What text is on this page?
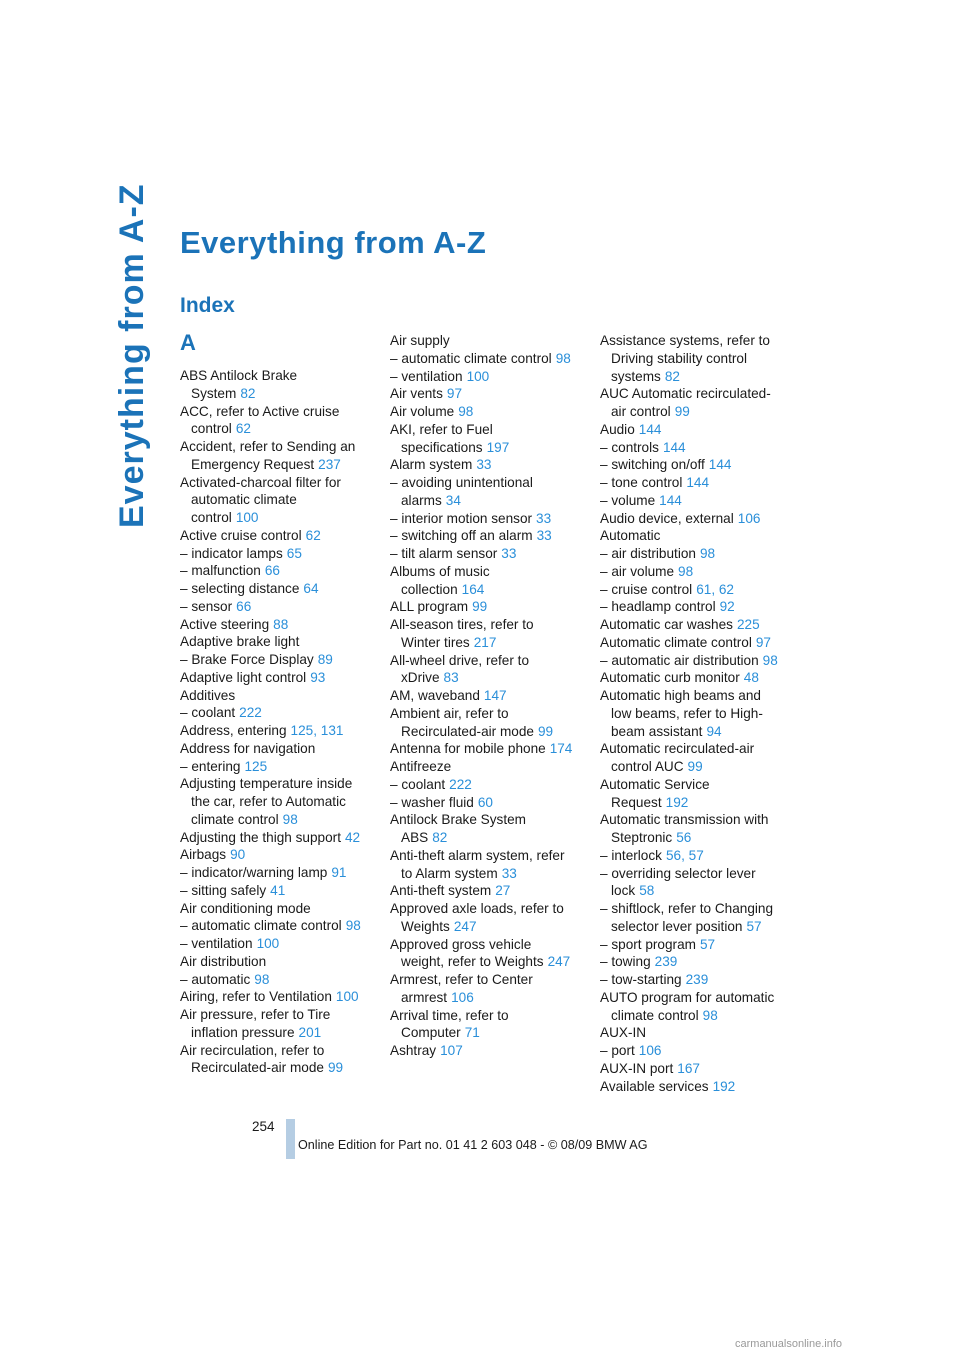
Everything from A-Z Everything from A-Z
Index
A
ABS Antilock Brake
System 82
ACC, refer to Active cruise
control 62
Accident, refer to Sending an
Emergency Request 237
Activated-charcoal filter for
automatic climate
control 100
Active cruise control 62
– indicator lamps 65
– malfunction 66
– selecting distance 64
– sensor 66
Active steering 88
Adaptive brake light
– Brake Force Display 89
Adaptive light control 93
Additives
– coolant 222
Address, entering 125, 131
Address for navigation
– entering 125
Adjusting temperature inside
the car, refer to Automatic
climate control 98
Adjusting the thigh support 42
Airbags 90
– indicator/warning lamp 91
– sitting safely 41
Air conditioning mode
– automatic climate control 98
– ventilation 100
Air distribution
– automatic 98
Airing, refer to Ventilation 100
Air pressure, refer to Tire
inflation pressure 201
Air recirculation, refer to
Recirculated-air mode 99
Air supply
– automatic climate control 98
– ventilation 100
Air vents 97
Air volume 98
AKI, refer to Fuel
specifications 197
Alarm system 33
– avoiding unintentional
alarms 34
– interior motion sensor 33
– switching off an alarm 33
– tilt alarm sensor 33
Albums of music
collection 164
ALL program 99
All-season tires, refer to
Winter tires 217
All-wheel drive, refer to
xDrive 83
AM, waveband 147
Ambient air, refer to
Recirculated-air mode 99
Antenna for mobile phone 174
Antifreeze
– coolant 222
– washer fluid 60
Antilock Brake System
ABS 82
Anti-theft alarm system, refer
to Alarm system 33
Anti-theft system 27
Approved axle loads, refer to
Weights 247
Approved gross vehicle
weight, refer to Weights 247
Armrest, refer to Center
armrest 106
Arrival time, refer to
Computer 71
Ashtray 107
Assistance systems, refer to
Driving stability control
systems 82
AUC Automatic recirculated-
air control 99
Audio 144
– controls 144
– switching on/off 144
– tone control 144
– volume 144
Audio device, external 106
Automatic
– air distribution 98
– air volume 98
– cruise control 61, 62
– headlamp control 92
Automatic car washes 225
Automatic climate control 97
– automatic air distribution 98
Automatic curb monitor 48
Automatic high beams and
low beams, refer to High-
beam assistant 94
Automatic recirculated-air
control AUC 99
Automatic Service
Request 192
Automatic transmission with
Steptronic 56
– interlock 56, 57
– overriding selector lever
lock 58
– shiftlock, refer to Changing
selector lever position 57
– sport program 57
– towing 239
– tow-starting 239
AUTO program for automatic
climate control 98
AUX-IN
– port 106
AUX-IN port 167
Available services 192
254
Online Edition for Part no. 01 41 2 603 048 - © 08/09 BMW AG
carmanualsonline.info
